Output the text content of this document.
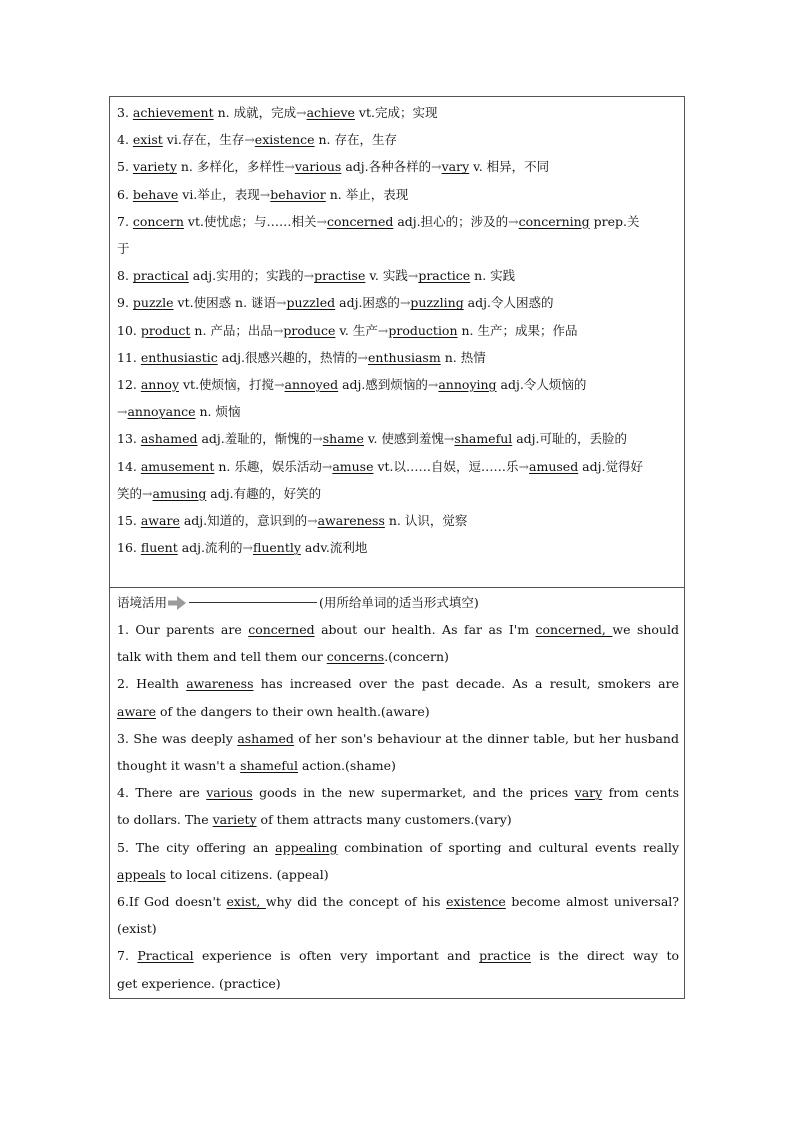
3. achievement n. 成就，完成→achieve vt.完成；实现
4. exist vi.存在，生存→existence n. 存在，生存
5. variety n. 多样化，多样性→various adj.各种各样的→vary v. 相异，不同
6. behave vi.举止，表现→behavior n. 举止，表现
7. concern vt.使忧虑；与……相关→concerned adj.担心的；涉及的→concerning prep.关
于
8. practical adj.实用的；实践的→practise v. 实践→practice n. 实践
9. puzzle vt.使困惑 n. 谜语→puzzled adj.困惑的→puzzling adj.令人困惑的
10. product n. 产品；出品→produce v. 生产→production n. 生产；成果；作品
11. enthusiastic adj.很感兴趣的，热情的→enthusiasm n. 热情
12. annoy vt.使烦恼，打搅→annoyed adj.感到烦恼的→annoying adj.令人烦恼的
→annoyance n. 烦恼
13. ashamed adj.羞耻的，惭愧的→shame v. 使感到羞愧→shameful adj.可耻的，丢脸的
14. amusement n. 乐趣，娱乐活动→amuse vt.以……自娱，逗……乐→amused adj.觉得好
笑的→amusing adj.有趣的，好笑的
15. aware adj.知道的，意识到的→awareness n. 认识，觉察
16. fluent adj.流利的→fluently adv.流利地
语境活用	(用所给单词的适当形式填空)
1. Our parents are concerned about our health. As far as I'm concerned, we should
talk with them and tell them our concerns.(concern)
2. Health awareness has increased over the past decade. As a result, smokers are
aware of the dangers to their own health.(aware)
3. She was deeply ashamed of her son's behaviour at the dinner table, but her husband
thought it wasn't a shameful action.(shame)
4. There are various goods in the new supermarket, and the prices vary from cents
to dollars. The variety of them attracts many customers.(vary)
5. The city offering an appealing combination of sporting and cultural events really
appeals to local citizens. (appeal)
6.If God doesn't exist, why did the concept of his existence become almost universal?
(exist)
7. Practical experience is often very important and practice is the direct way to
get experience. (practice)
